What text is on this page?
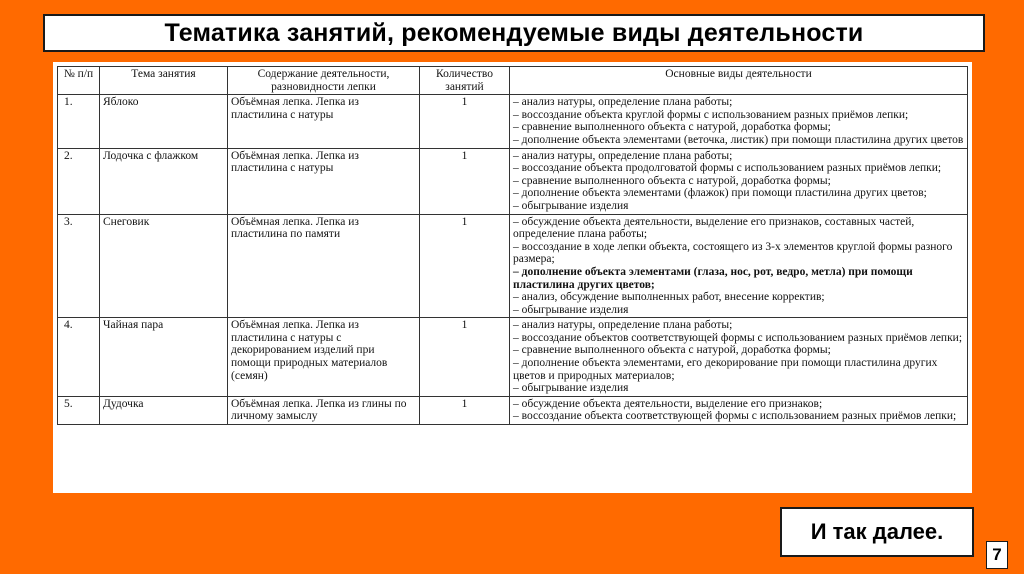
Тематика занятий, рекомендуемые виды деятельности
№ п/п	Тема занятия	Содержание деятельности, разновидности лепки	Количество занятий	Основные виды деятельности
1.	Яблоко	Объёмная лепка. Лепка из пластилина с натуры	1	– анализ натуры, определение плана работы;
– воссоздание объекта круглой формы с использованием разных приёмов лепки;
– сравнение выполненного объекта с натурой, доработка формы;
– дополнение объекта элементами (веточка, листик) при помощи пластилина других цветов

2.	Лодочка с флажком	Объёмная лепка. Лепка из пластилина с натуры	1	– анализ натуры, определение плана работы;
– воссоздание объекта продолговатой формы с использованием разных приёмов лепки;
– сравнение выполненного объекта с натурой, доработка формы;
– дополнение объекта элементами (флажок) при помощи пластилина других цветов;
– обыгрывание изделия

3.	Снеговик	Объёмная лепка. Лепка из пластилина по памяти	1	– обсуждение объекта деятельности, выделение его признаков, составных частей, определение плана работы;
– воссоздание в ходе лепки объекта, состоящего из 3-х элементов круглой формы разного размера;
– дополнение объекта элементами (глаза, нос, рот, ведро, метла) при помощи пластилина других цветов;
– анализ, обсуждение выполненных работ, внесение корректив;
– обыгрывание изделия

4.	Чайная пара	Объёмная лепка. Лепка из пластилина с натуры с декорированием изделий при помощи природных материалов (семян)	1	– анализ натуры, определение плана работы;
– воссоздание объектов соответствующей формы с использованием разных приёмов лепки;
– сравнение выполненного объекта с натурой, доработка формы;
– дополнение объекта элементами, его декорирование при помощи пластилина других цветов и природных материалов;
– обыгрывание изделия

5.	Дудочка	Объёмная лепка. Лепка из глины по личному замыслу	1	– обсуждение объекта деятельности, выделение его признаков;
– воссоздание объекта соответствующей формы с использованием разных приёмов лепки;
И так далее.
7
